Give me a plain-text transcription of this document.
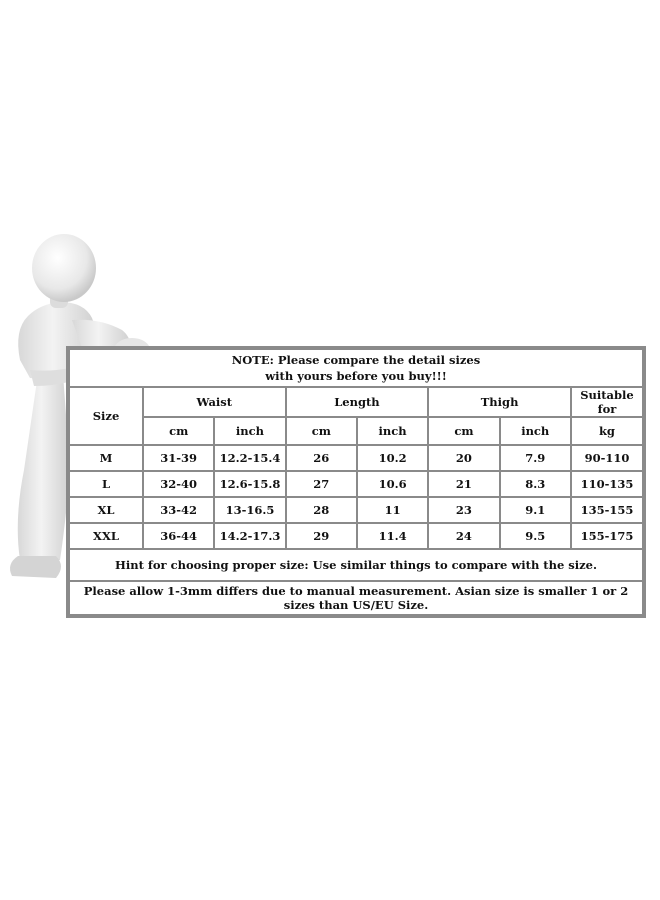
NOTE: Please compare the detail sizes
with yours before you buy!!!							

Size	Waist		Length		Thigh		Suitable for
	cm	inch	cm	inch	cm	inch	kg
M	31-39	12.2-15.4	26	10.2	20	7.9	90-110
L	32-40	12.6-15.8	27	10.6	21	8.3	110-135
XL	33-42	13-16.5	28	11	23	9.1	135-155
XXL	36-44	14.2-17.3	29	11.4	24	9.5	155-175
Hint for choosing proper size: Use similar things to compare with the size.							
Please allow 1-3mm differs due to manual measurement. Asian size is smaller 1 or 2 sizes than US/EU Size.							
